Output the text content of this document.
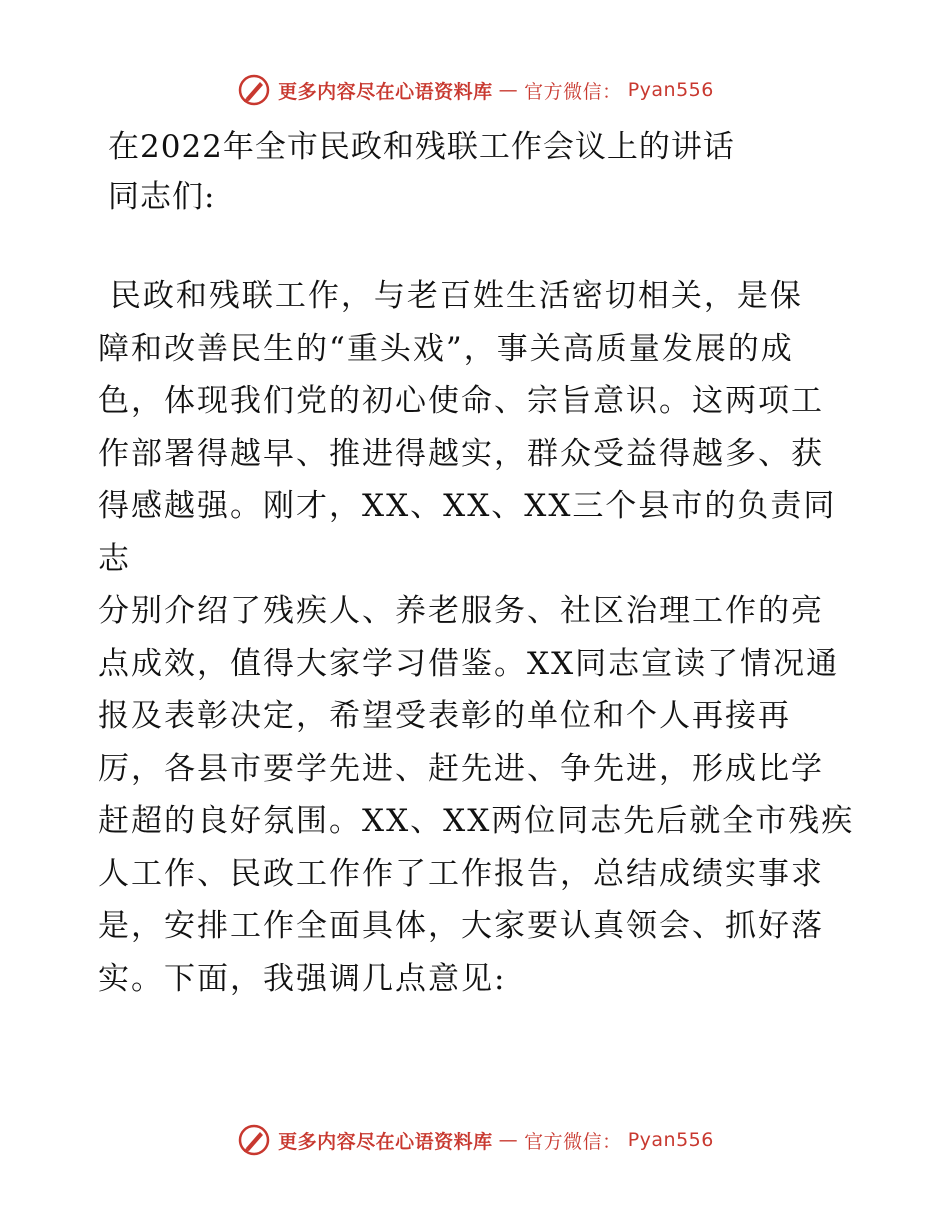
更多内容尽在心语资料库 — 官方微信： Pyan556
在2022年全市民政和残联工作会议上的讲话
同志们:
民政和残联工作，与老百姓生活密切相关，是保
障和改善民生的“重头戏”，事关高质量发展的成
色，体现我们党的初心使命、宗旨意识。这两项工
作部署得越早、推进得越实，群众受益得越多、获
得感越强。刚才，XX、XX、XX三个县市的负责同志
分别介绍了残疾人、养老服务、社区治理工作的亮
点成效，值得大家学习借鉴。XX同志宣读了情况通
报及表彰决定，希望受表彰的单位和个人再接再
厉，各县市要学先进、赶先进、争先进，形成比学
赶超的良好氛围。XX、XX两位同志先后就全市残疾
人工作、民政工作作了工作报告，总结成绩实事求
是，安排工作全面具体，大家要认真领会、抓好落
实。下面，我强调几点意见:
更多内容尽在心语资料库 — 官方微信： Pyan556
